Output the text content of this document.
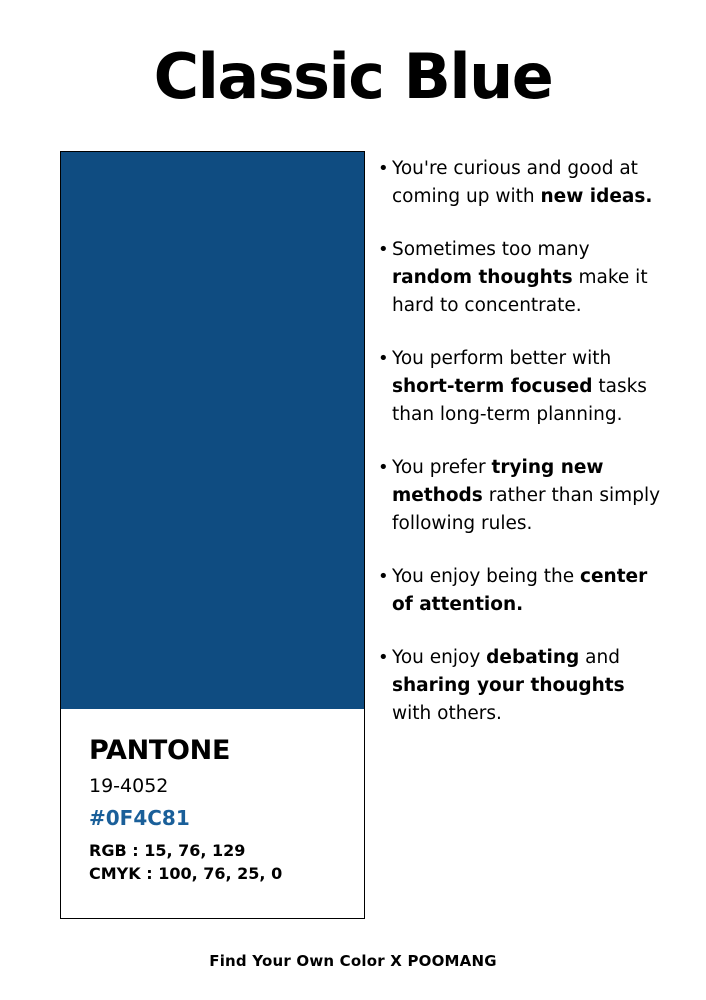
Classic Blue
PANTONE
19-4052
#0F4C81
RGB : 15, 76, 129
CMYK : 100, 76, 25, 0
• You're curious and good at coming up with new ideas.
• Sometimes too many random thoughts make it hard to concentrate.
• You perform better with short-term focused tasks than long-term planning.
• You prefer trying new methods rather than simply following rules.
• You enjoy being the center of attention.
• You enjoy debating and sharing your thoughts with others.
Find Your Own Color X POOMANG
